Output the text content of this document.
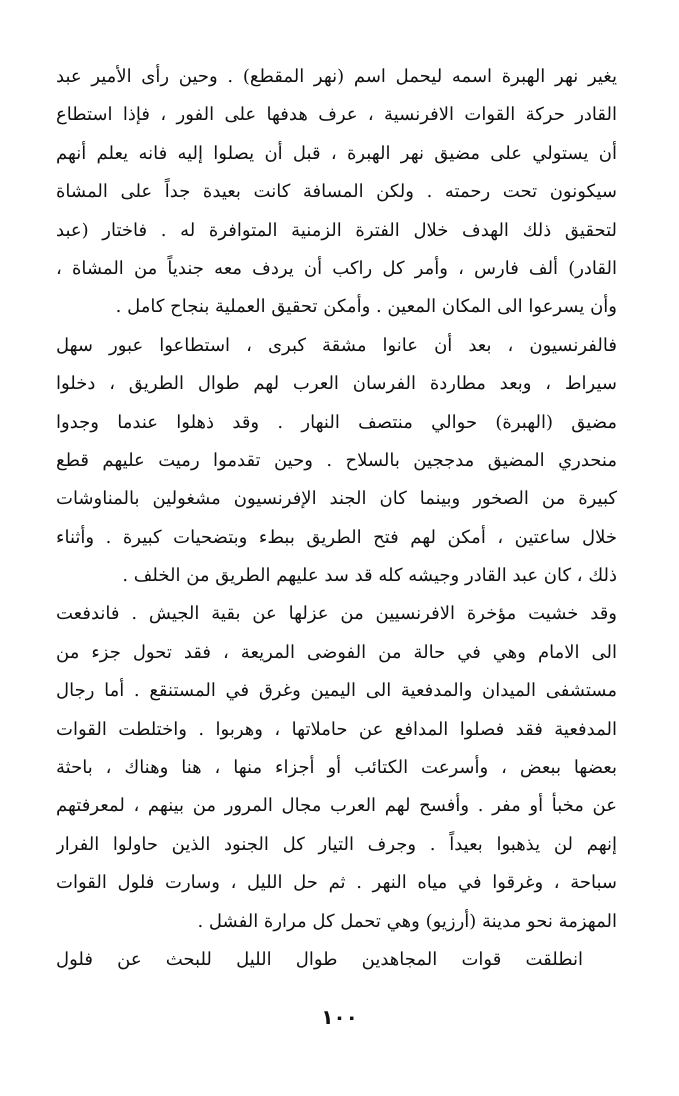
يغير نهر الهبرة اسمه ليحمل اسم (نهر المقطع) . وحين رأى الأمير عبد
القادر حركة القوات الافرنسية ، عرف هدفها على الفور ، فإذا استطاع
أن يستولي على مضيق نهر الهبرة ، قبل أن يصلوا إليه فانه يعلم أنهم
سيكونون تحت رحمته . ولكن المسافة كانت بعيدة جداً على المشاة
لتحقيق ذلك الهدف خلال الفترة الزمنية المتوافرة له . فاختار (عبد
القادر) ألف فارس ، وأمر كل راكب أن يردف معه جندياً من المشاة ،
وأن يسرعوا الى المكان المعين . وأمكن تحقيق العملية بنجاح كامل .
فالفرنسيون ، بعد أن عانوا مشقة كبرى ، استطاعوا عبور سهل
سيراط ، وبعد مطاردة الفرسان العرب لهم طوال الطريق ، دخلوا
مضيق (الهبرة) حوالي منتصف النهار . وقد ذهلوا عندما وجدوا
منحدري المضيق مدججين بالسلاح . وحين تقدموا رميت عليهم قطع
كبيرة من الصخور وبينما كان الجند الإفرنسيون مشغولين بالمناوشات
خلال ساعتين ، أمكن لهم فتح الطريق ببطء وبتضحيات كبيرة . وأثناء
ذلك ، كان عبد القادر وجيشه كله قد سد عليهم الطريق من الخلف .
وقد خشيت مؤخرة الافرنسيين من عزلها عن بقية الجيش . فاندفعت
الى الامام وهي في حالة من الفوضى المريعة ، فقد تحول جزء من
مستشفى الميدان والمدفعية الى اليمين وغرق في المستنقع . أما رجال
المدفعية فقد فصلوا المدافع عن حاملاتها ، وهربوا . واختلطت القوات
بعضها ببعض ، وأسرعت الكتائب أو أجزاء منها ، هنا وهناك ، باحثة
عن مخبأ أو مفر . وأفسح لهم العرب مجال المرور من بينهم ، لمعرفتهم
إنهم لن يذهبوا بعيداً . وجرف التيار كل الجنود الذين حاولوا الفرار
سباحة ، وغرقوا في مياه النهر . ثم حل الليل ، وسارت فلول القوات
المهزمة نحو مدينة (أرزيو) وهي تحمل كل مرارة الفشل .
انطلقت قوات المجاهدين طوال الليل للبحث عن فلول
١٠٠
